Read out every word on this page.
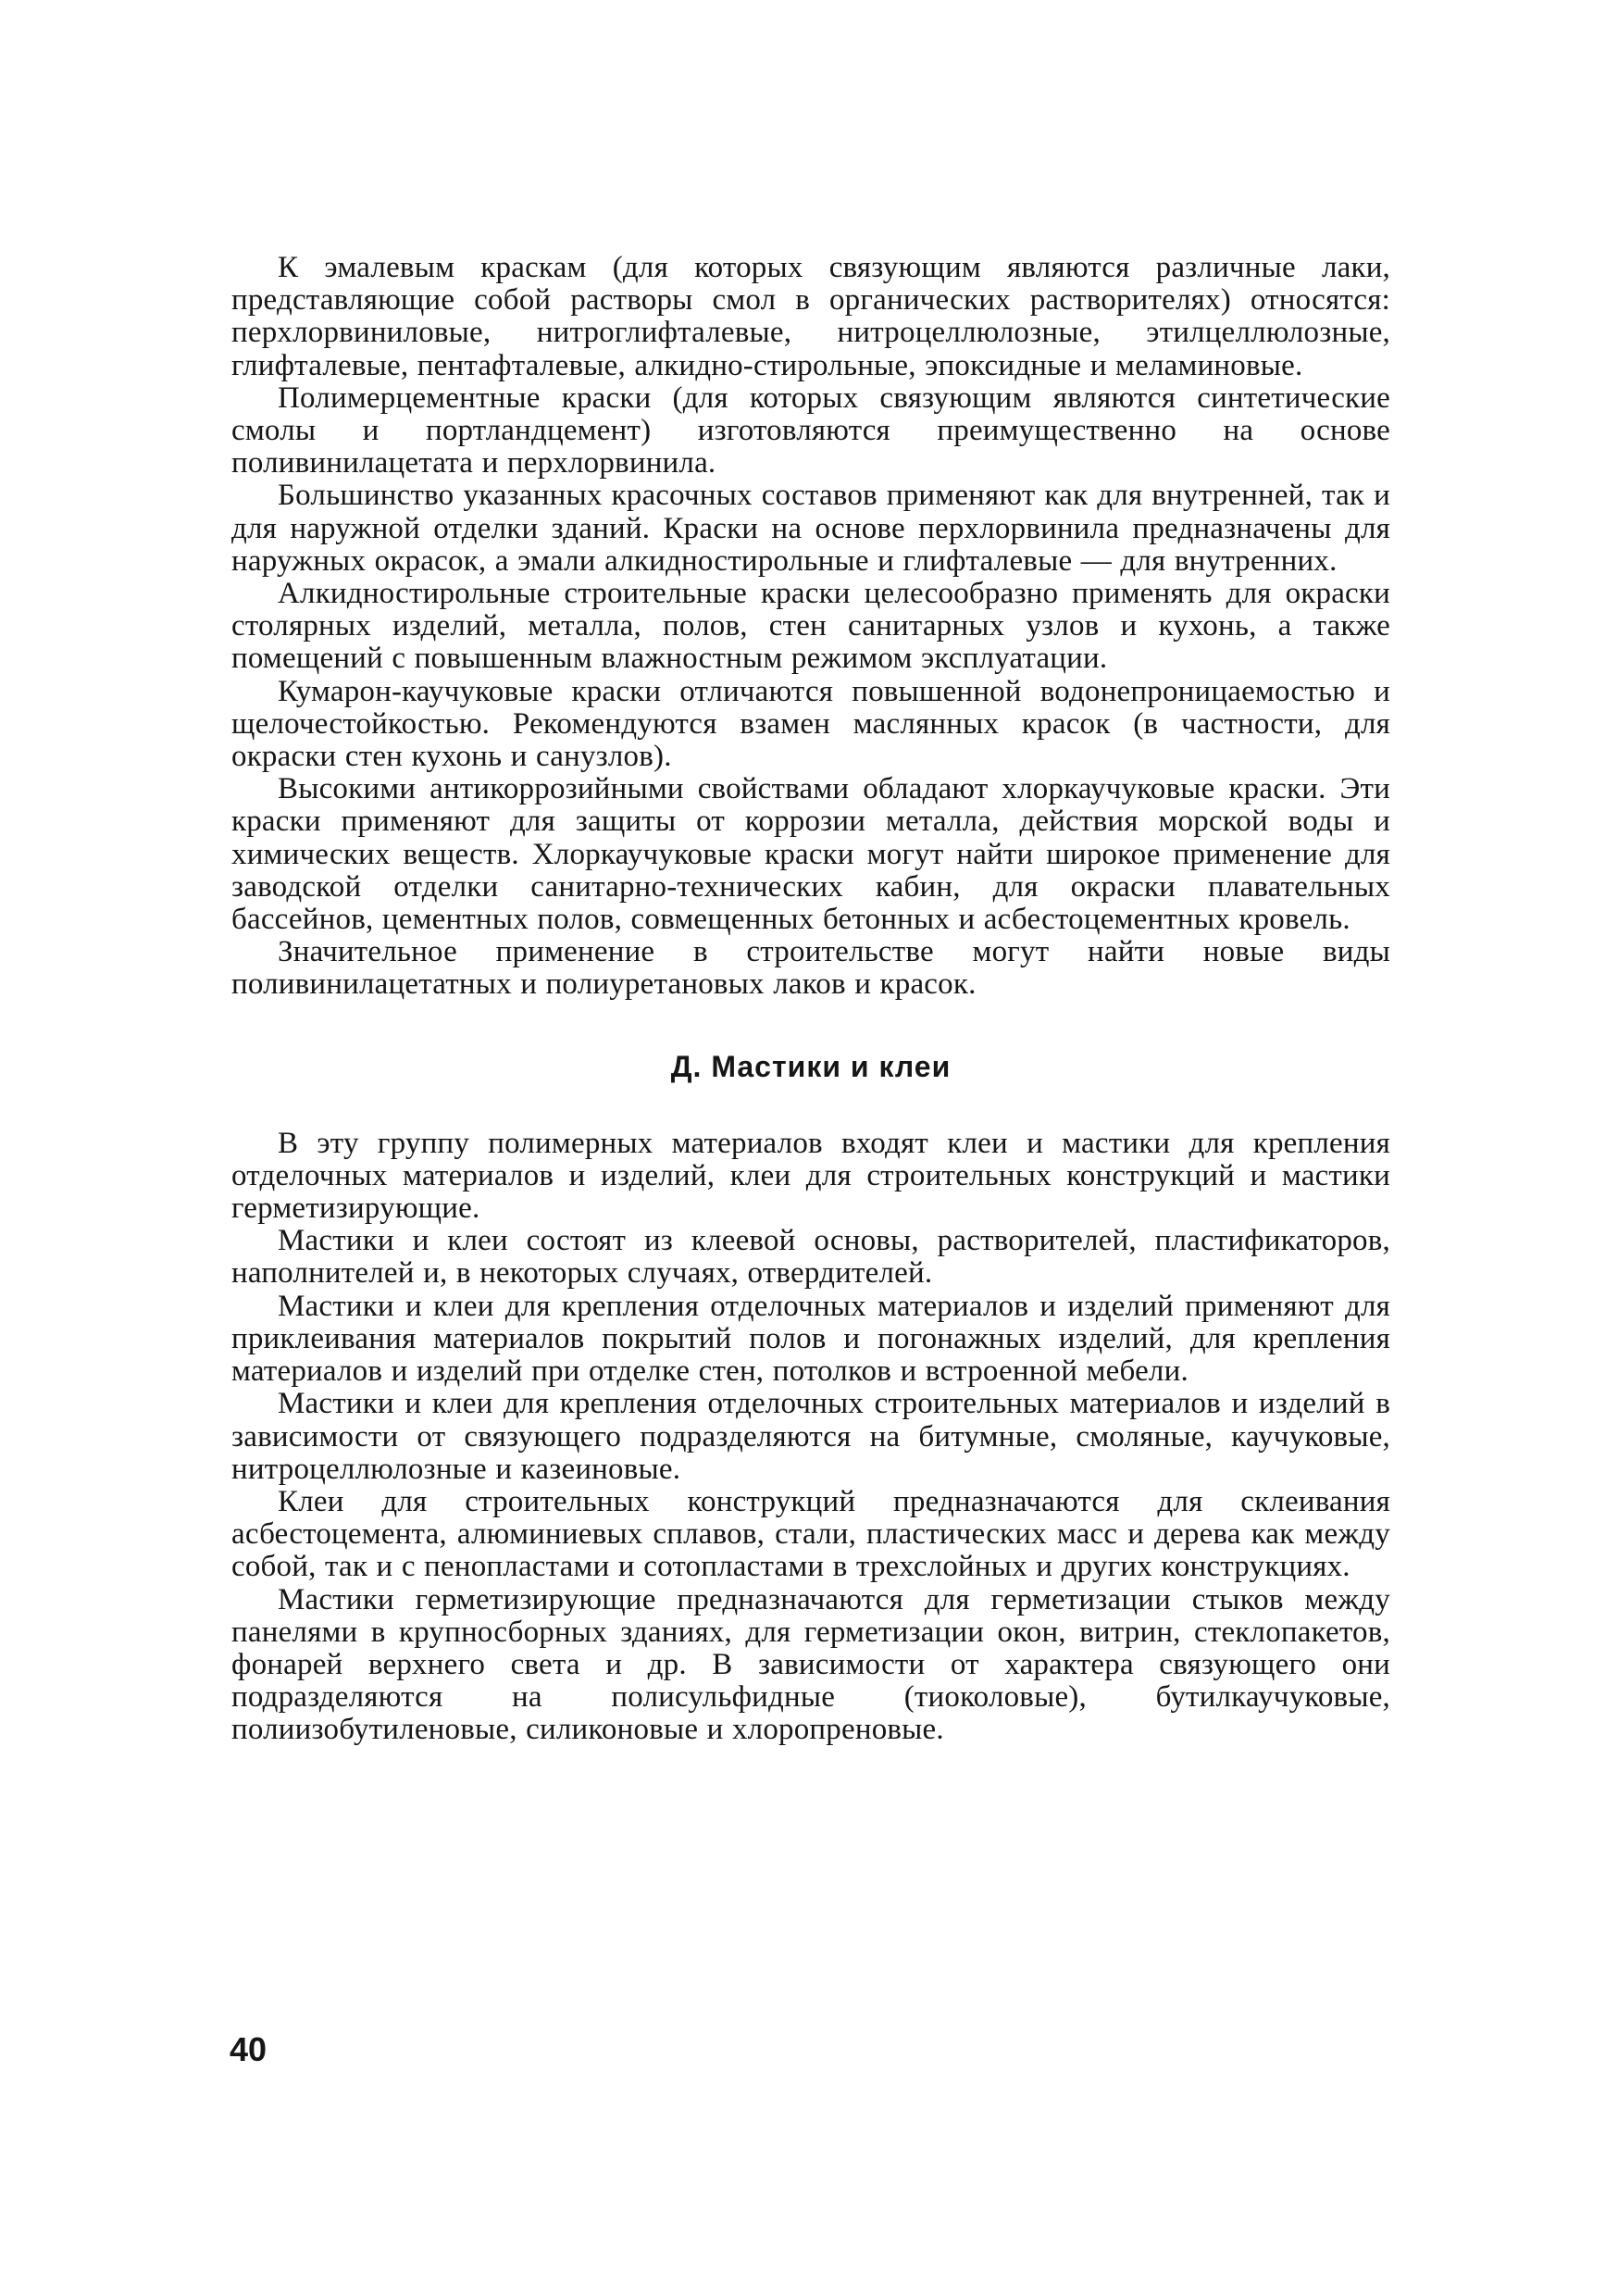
К эмалевым краскам (для которых связующим являются различные лаки, представляющие собой растворы смол в органических растворителях) относятся: перхлорвиниловые, нитроглифталевые, нитроцеллюлозные, этилцеллюлозные, глифталевые, пентафталевые, алкидно-стирольные, эпоксидные и меламиновые.

Полимерцементные краски (для которых связующим являются синтетические смолы и портландцемент) изготовляются преимущественно на основе поливинилацетата и перхлорвинила.

Большинство указанных красочных составов применяют как для внутренней, так и для наружной отделки зданий. Краски на основе перхлорвинила предназначены для наружных окрасок, а эмали алкидностирольные и глифталевые — для внутренних.

Алкидностирольные строительные краски целесообразно применять для окраски столярных изделий, металла, полов, стен санитарных узлов и кухонь, а также помещений с повышенным влажностным режимом эксплуатации.

Кумарон-каучуковые краски отличаются повышенной водонепроницаемостью и щелочестойкостью. Рекомендуются взамен маслянных красок (в частности, для окраски стен кухонь и санузлов).

Высокими антикоррозийными свойствами обладают хлоркаучуковые краски. Эти краски применяют для защиты от коррозии металла, действия морской воды и химических веществ. Хлоркаучуковые краски могут найти широкое применение для заводской отделки санитарно-технических кабин, для окраски плавательных бассейнов, цементных полов, совмещенных бетонных и асбестоцементных кровель.

Значительное применение в строительстве могут найти новые виды поливинилацетатных и полиуретановых лаков и красок.

Д. Мастики и клеи

В эту группу полимерных материалов входят клеи и мастики для крепления отделочных материалов и изделий, клеи для строительных конструкций и мастики герметизирующие.

Мастики и клеи состоят из клеевой основы, растворителей, пластификаторов, наполнителей и, в некоторых случаях, отвердителей.

Мастики и клеи для крепления отделочных материалов и изделий применяют для приклеивания материалов покрытий полов и погонажных изделий, для крепления материалов и изделий при отделке стен, потолков и встроенной мебели.

Мастики и клеи для крепления отделочных строительных материалов и изделий в зависимости от связующего подразделяются на битумные, смоляные, каучуковые, нитроцеллюлозные и казеиновые.

Клеи для строительных конструкций предназначаются для склеивания асбестоцемента, алюминиевых сплавов, стали, пластических масс и дерева как между собой, так и с пенопластами и сотопластами в трехслойных и других конструкциях.

Мастики герметизирующие предназначаются для герметизации стыков между панелями в крупносборных зданиях, для герметизации окон, витрин, стеклопакетов, фонарей верхнего света и др. В зависимости от характера связующего они подразделяются на полисульфидные (тиоколовые), бутилкаучуковые, полиизобутиленовые, силиконовые и хлоропреновые.

40
